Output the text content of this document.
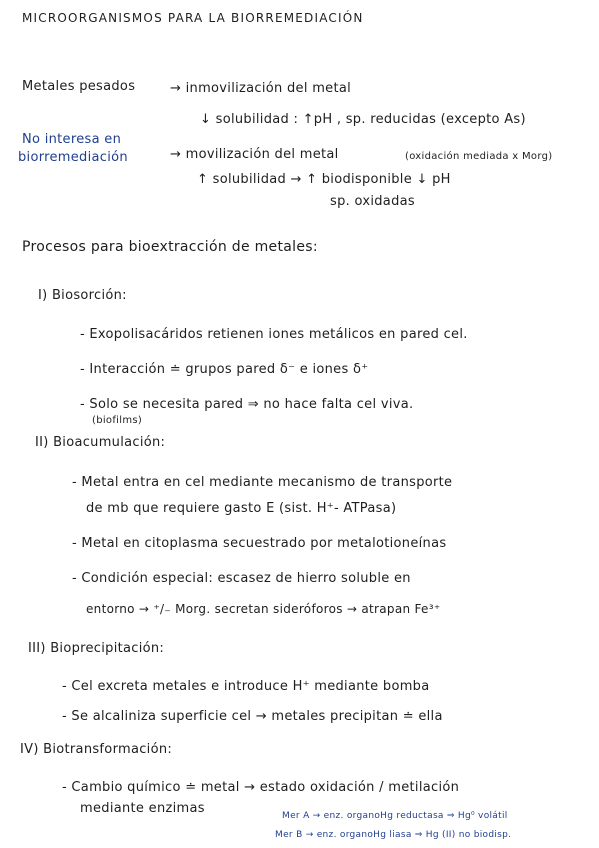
MICROORGANISMOS PARA LA BIORREMEDIACIÓN

Metales pesados	→ inmovilización del metal

↓ solubilidad : ↑pH , sp. reducidas (excepto As)

No interesa en

biorremediación	→ movilización del metal	(oxidación mediada x Morg)

↑ solubilidad → ↑ biodisponible ↓ pH

sp. oxidadas

Procesos para bioextracción de metales:

I) Biosorción:

- Exopolisacáridos retienen iones metálicos en pared cel.

- Interacción ≐ grupos pared δ⁻ e iones δ⁺

- Solo se necesita pared ⇒ no hace falta cel viva.

(biofilms)

II) Bioacumulación:

- Metal entra en cel mediante mecanismo de transporte

de mb que requiere gasto E (sist. H⁺- ATPasa)

- Metal en citoplasma secuestrado por metalotioneínas

- Condición especial: escasez de hierro soluble en

entorno → ⁺/₋ Morg. secretan sideróforos → atrapan Fe³⁺

III) Bioprecipitación:

- Cel excreta metales e introduce H⁺ mediante bomba

- Se alcaliniza superficie cel → metales precipitan ≐ ella

IV) Biotransformación:

- Cambio químico ≐ metal → estado oxidación / metilación

mediante enzimas	Mer A → enz. organoHg reductasa ⇒ Hg⁰ volátil

Mer B → enz. organoHg liasa ⇒ Hg (II) no biodisp.
